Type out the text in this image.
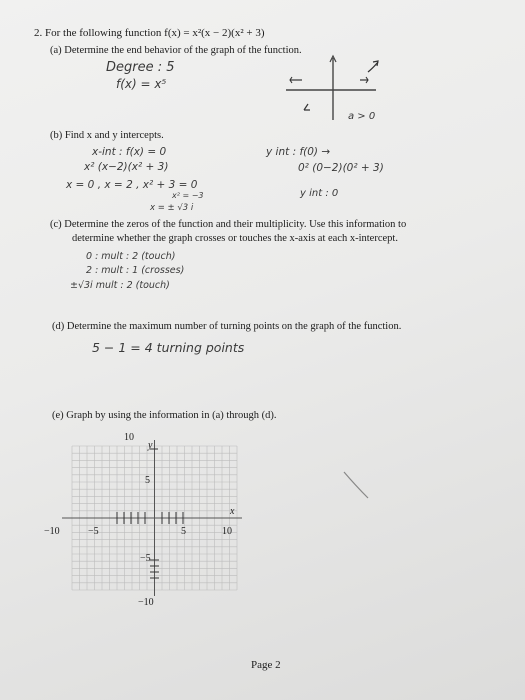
2. For the following function f(x) = x²(x − 2)(x² + 3)
(a) Determine the end behavior of the graph of the function.
Degree : 5
f(x) = x⁵
a > 0
(b) Find x and y intercepts.
x-int : f(x) = 0
x² (x−2)(x² + 3)
x = 0 , x = 2 , x² + 3 = 0
x² = −3
x = ± √3 i
y int : f(0) →
0² (0−2)(0² + 3)
y int : 0
(c) Determine the zeros of the function and their multiplicity. Use this information to
determine whether the graph crosses or touches the x-axis at each x-intercept.
0 : mult : 2 (touch)
2 : mult : 1 (crosses)
±√3i mult : 2 (touch)
(d) Determine the maximum number of turning points on the graph of the function.
5 − 1 = 4 turning points
(e) Graph by using the information in (a) through (d).
y
x
−10	−5	5	10
10
5
−5
−10
Page 2
